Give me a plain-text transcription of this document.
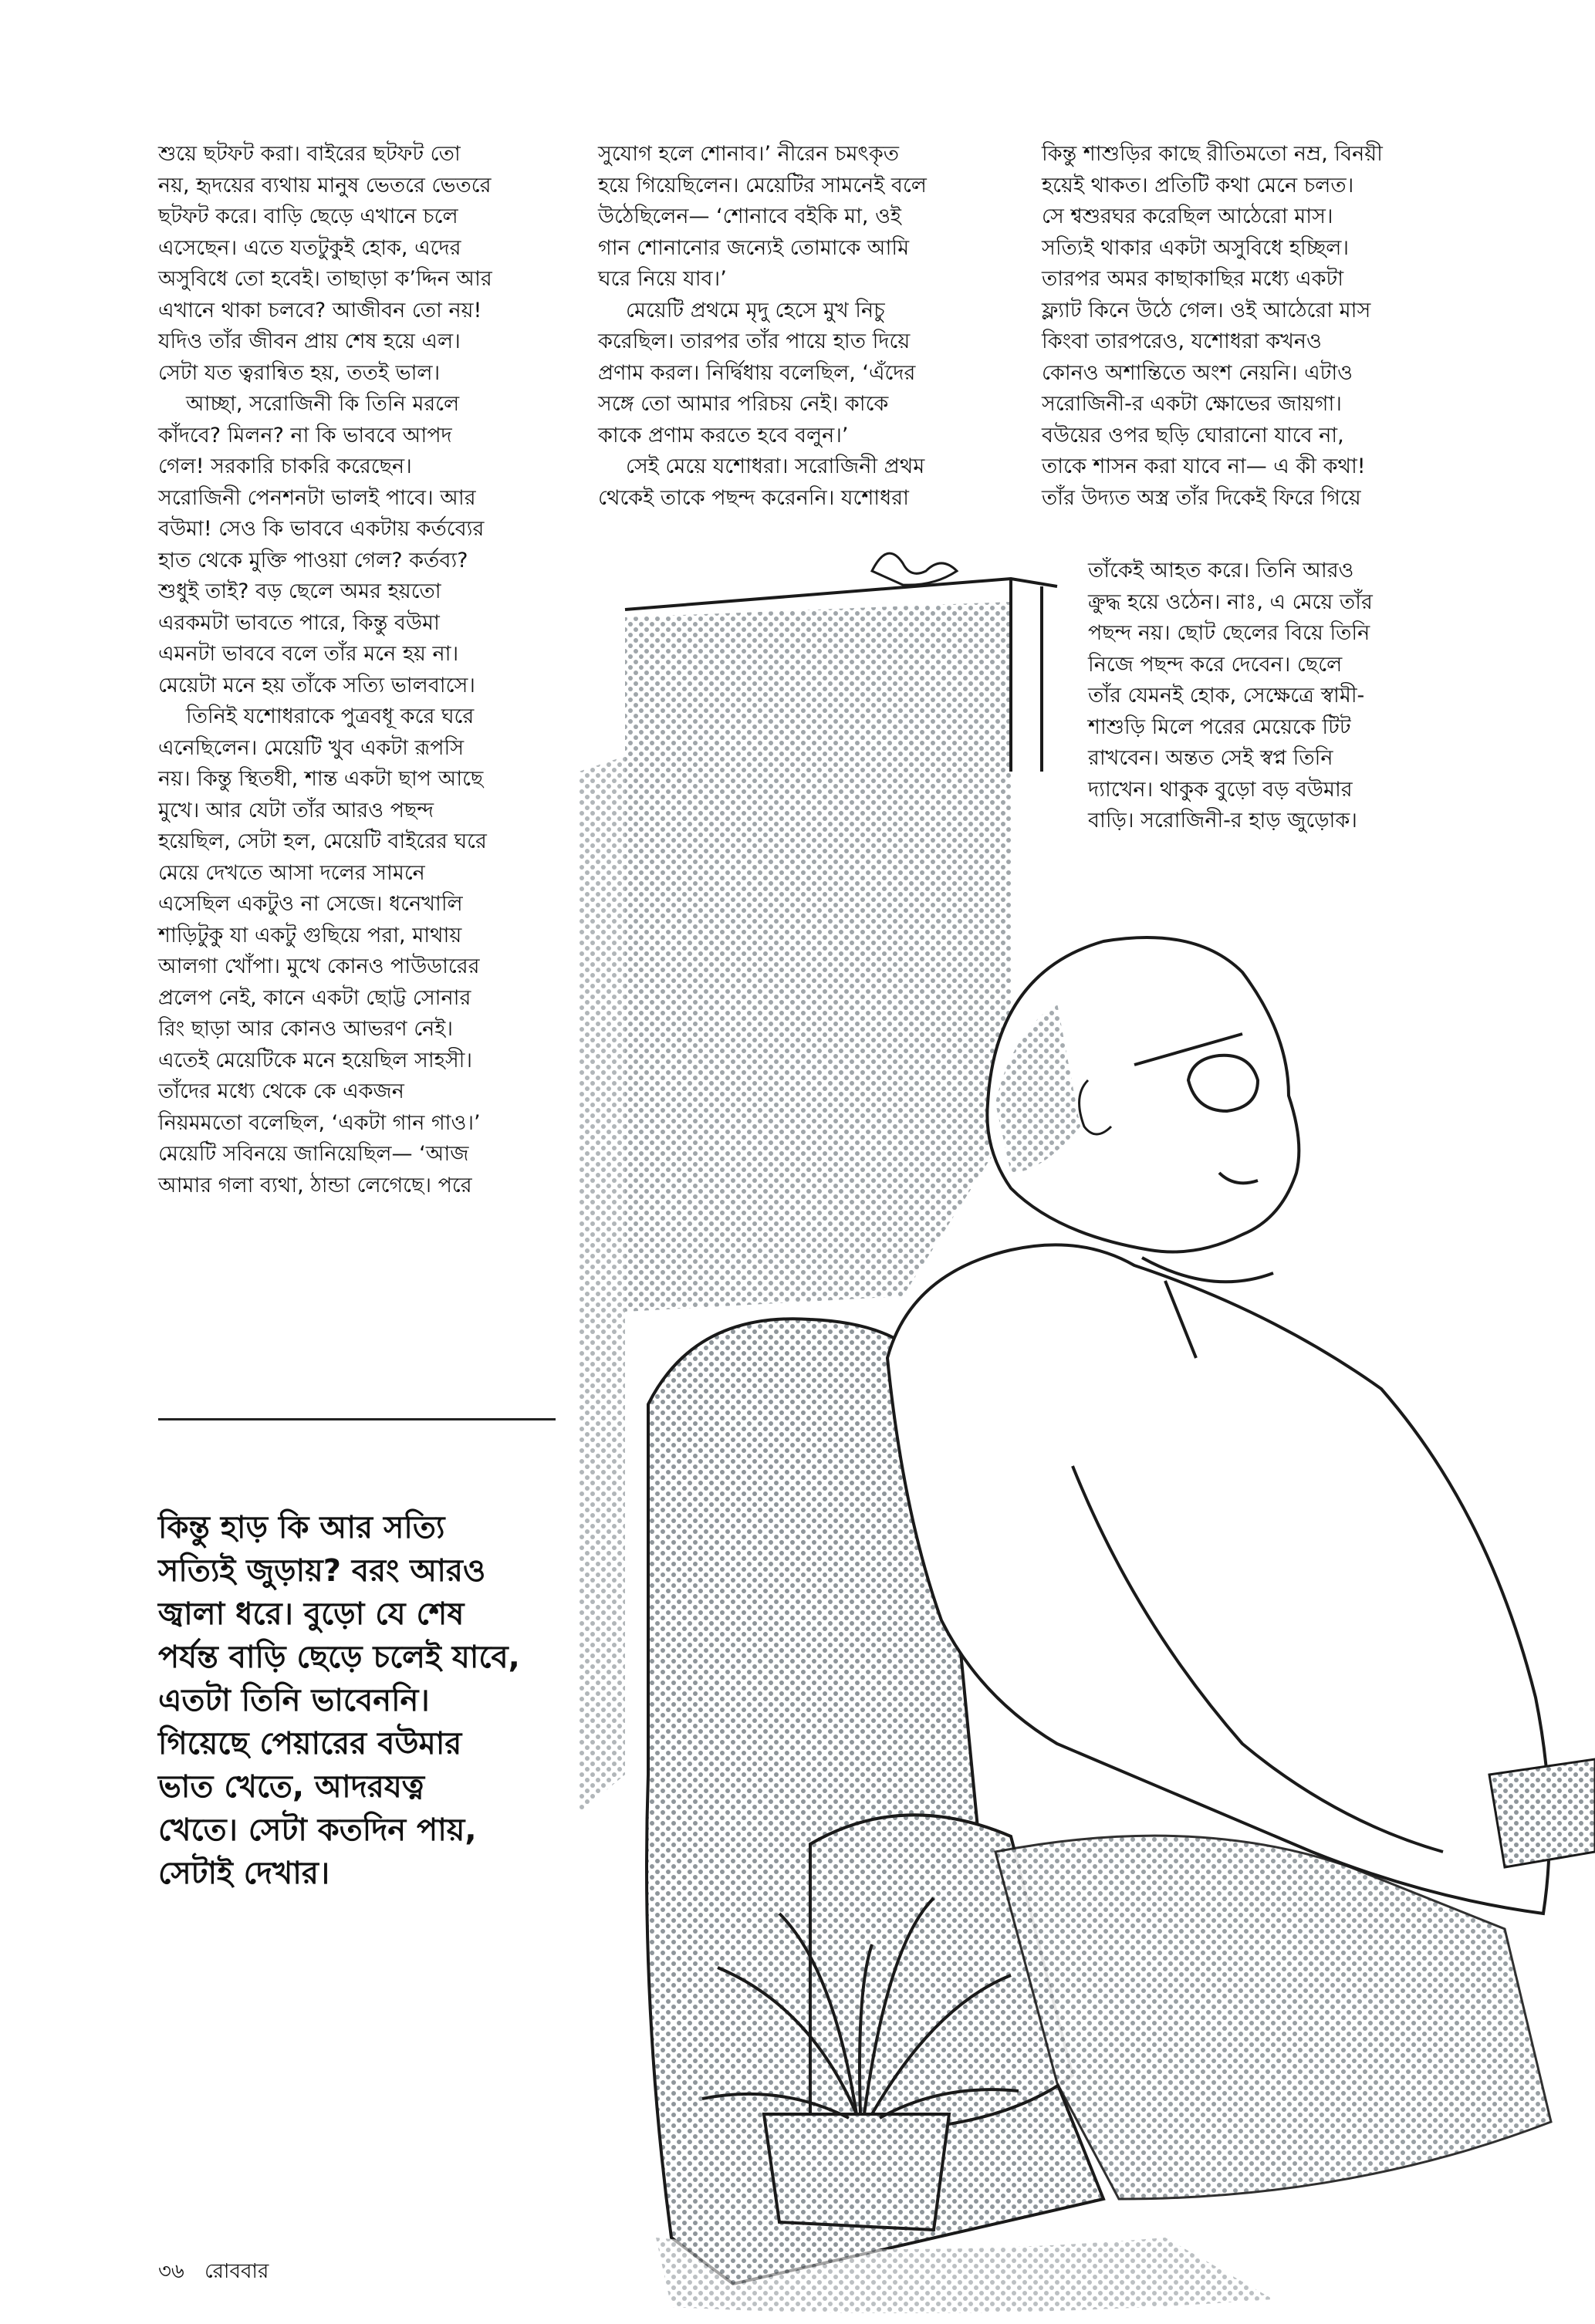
শুয়ে ছটফট করা। বাইরের ছটফট তো

নয়, হৃদয়ের ব্যথায় মানুষ ভেতরে ভেতরে

ছটফট করে। বাড়ি ছেড়ে এখানে চলে

এসেছেন। এতে যতটুকুই হোক, এদের

অসুবিধে তো হবেই। তাছাড়া ক’দ্দিন আর

এখানে থাকা চলবে? আজীবন তো নয়!

যদিও তাঁর জীবন প্রায় শেষ হয়ে এল।

সেটা যত ত্বরান্বিত হয়, ততই ভাল।

আচ্ছা, সরোজিনী কি তিনি মরলে

কাঁদবে? মিলন? না কি ভাববে আপদ

গেল! সরকারি চাকরি করেছেন।

সরোজিনী পেনশনটা ভালই পাবে। আর

বউমা! সেও কি ভাববে একটায় কর্তব্যের

হাত থেকে মুক্তি পাওয়া গেল? কর্তব্য?

শুধুই তাই? বড় ছেলে অমর হয়তো

এরকমটা ভাবতে পারে, কিন্তু বউমা

এমনটা ভাববে বলে তাঁর মনে হয় না।

মেয়েটা মনে হয় তাঁকে সত্যি ভালবাসে।

তিনিই যশোধরাকে পুত্রবধূ করে ঘরে

এনেছিলেন। মেয়েটি খুব একটা রূপসি

নয়। কিন্তু স্থিতধী, শান্ত একটা ছাপ আছে

মুখে। আর যেটা তাঁর আরও পছন্দ

হয়েছিল, সেটা হল, মেয়েটি বাইরের ঘরে

মেয়ে দেখতে আসা দলের সামনে

এসেছিল একটুও না সেজে। ধনেখালি

শাড়িটুকু যা একটু গুছিয়ে পরা, মাথায়

আলগা খোঁপা। মুখে কোনও পাউডারের

প্রলেপ নেই, কানে একটা ছোট্ট সোনার

রিং ছাড়া আর কোনও আভরণ নেই।

এতেই মেয়েটিকে মনে হয়েছিল সাহসী।

তাঁদের মধ্যে থেকে কে একজন

নিয়মমতো বলেছিল, ‘একটা গান গাও।’

মেয়েটি সবিনয়ে জানিয়েছিল— ‘আজ

আমার গলা ব্যথা, ঠান্ডা লেগেছে। পরে

সুযোগ হলে শোনাব।’ নীরেন চমৎকৃত

হয়ে গিয়েছিলেন। মেয়েটির সামনেই বলে

উঠেছিলেন— ‘শোনাবে বইকি মা, ওই

গান শোনানোর জন্যেই তোমাকে আমি

ঘরে নিয়ে যাব।’

মেয়েটি প্রথমে মৃদু হেসে মুখ নিচু

করেছিল। তারপর তাঁর পায়ে হাত দিয়ে

প্রণাম করল। নির্দ্বিধায় বলেছিল, ‘এঁদের

সঙ্গে তো আমার পরিচয় নেই। কাকে

কাকে প্রণাম করতে হবে বলুন।’

সেই মেয়ে যশোধরা। সরোজিনী প্রথম

থেকেই তাকে পছন্দ করেননি। যশোধরা

কিন্তু শাশুড়ির কাছে রীতিমতো নম্র, বিনয়ী

হয়েই থাকত। প্রতিটি কথা মেনে চলত।

সে শ্বশুরঘর করেছিল আঠেরো মাস।

সত্যিই থাকার একটা অসুবিধে হচ্ছিল।

তারপর অমর কাছাকাছির মধ্যে একটা

ফ্ল্যাট কিনে উঠে গেল। ওই আঠেরো মাস

কিংবা তারপরেও, যশোধরা কখনও

কোনও অশান্তিতে অংশ নেয়নি। এটাও

সরোজিনী-র একটা ক্ষোভের জায়গা।

বউয়ের ওপর ছড়ি ঘোরানো যাবে না,

তাকে শাসন করা যাবে না— এ কী কথা!

তাঁর উদ্যত অস্ত্র তাঁর দিকেই ফিরে গিয়ে

তাঁকেই আহত করে। তিনি আরও

ক্রুদ্ধ হয়ে ওঠেন। নাঃ, এ মেয়ে তাঁর

পছন্দ নয়। ছোট ছেলের বিয়ে তিনি

নিজে পছন্দ করে দেবেন। ছেলে

তাঁর যেমনই হোক, সেক্ষেত্রে স্বামী-

শাশুড়ি মিলে পরের মেয়েকে টিট

রাখবেন। অন্তত সেই স্বপ্ন তিনি

দ্যাখেন। থাকুক বুড়ো বড় বউমার

বাড়ি। সরোজিনী-র হাড় জুড়োক।

কিন্তু হাড় কি আর সত্যি

সত্যিই জুড়ায়? বরং আরও

জ্বালা ধরে। বুড়ো যে শেষ

পর্যন্ত বাড়ি ছেড়ে চলেই যাবে,

এতটা তিনি ভাবেননি।

গিয়েছে পেয়ারের বউমার

ভাত খেতে, আদরযত্ন

খেতে। সেটা কতদিন পায়,

সেটাই দেখার।

৩৬ রোববার
